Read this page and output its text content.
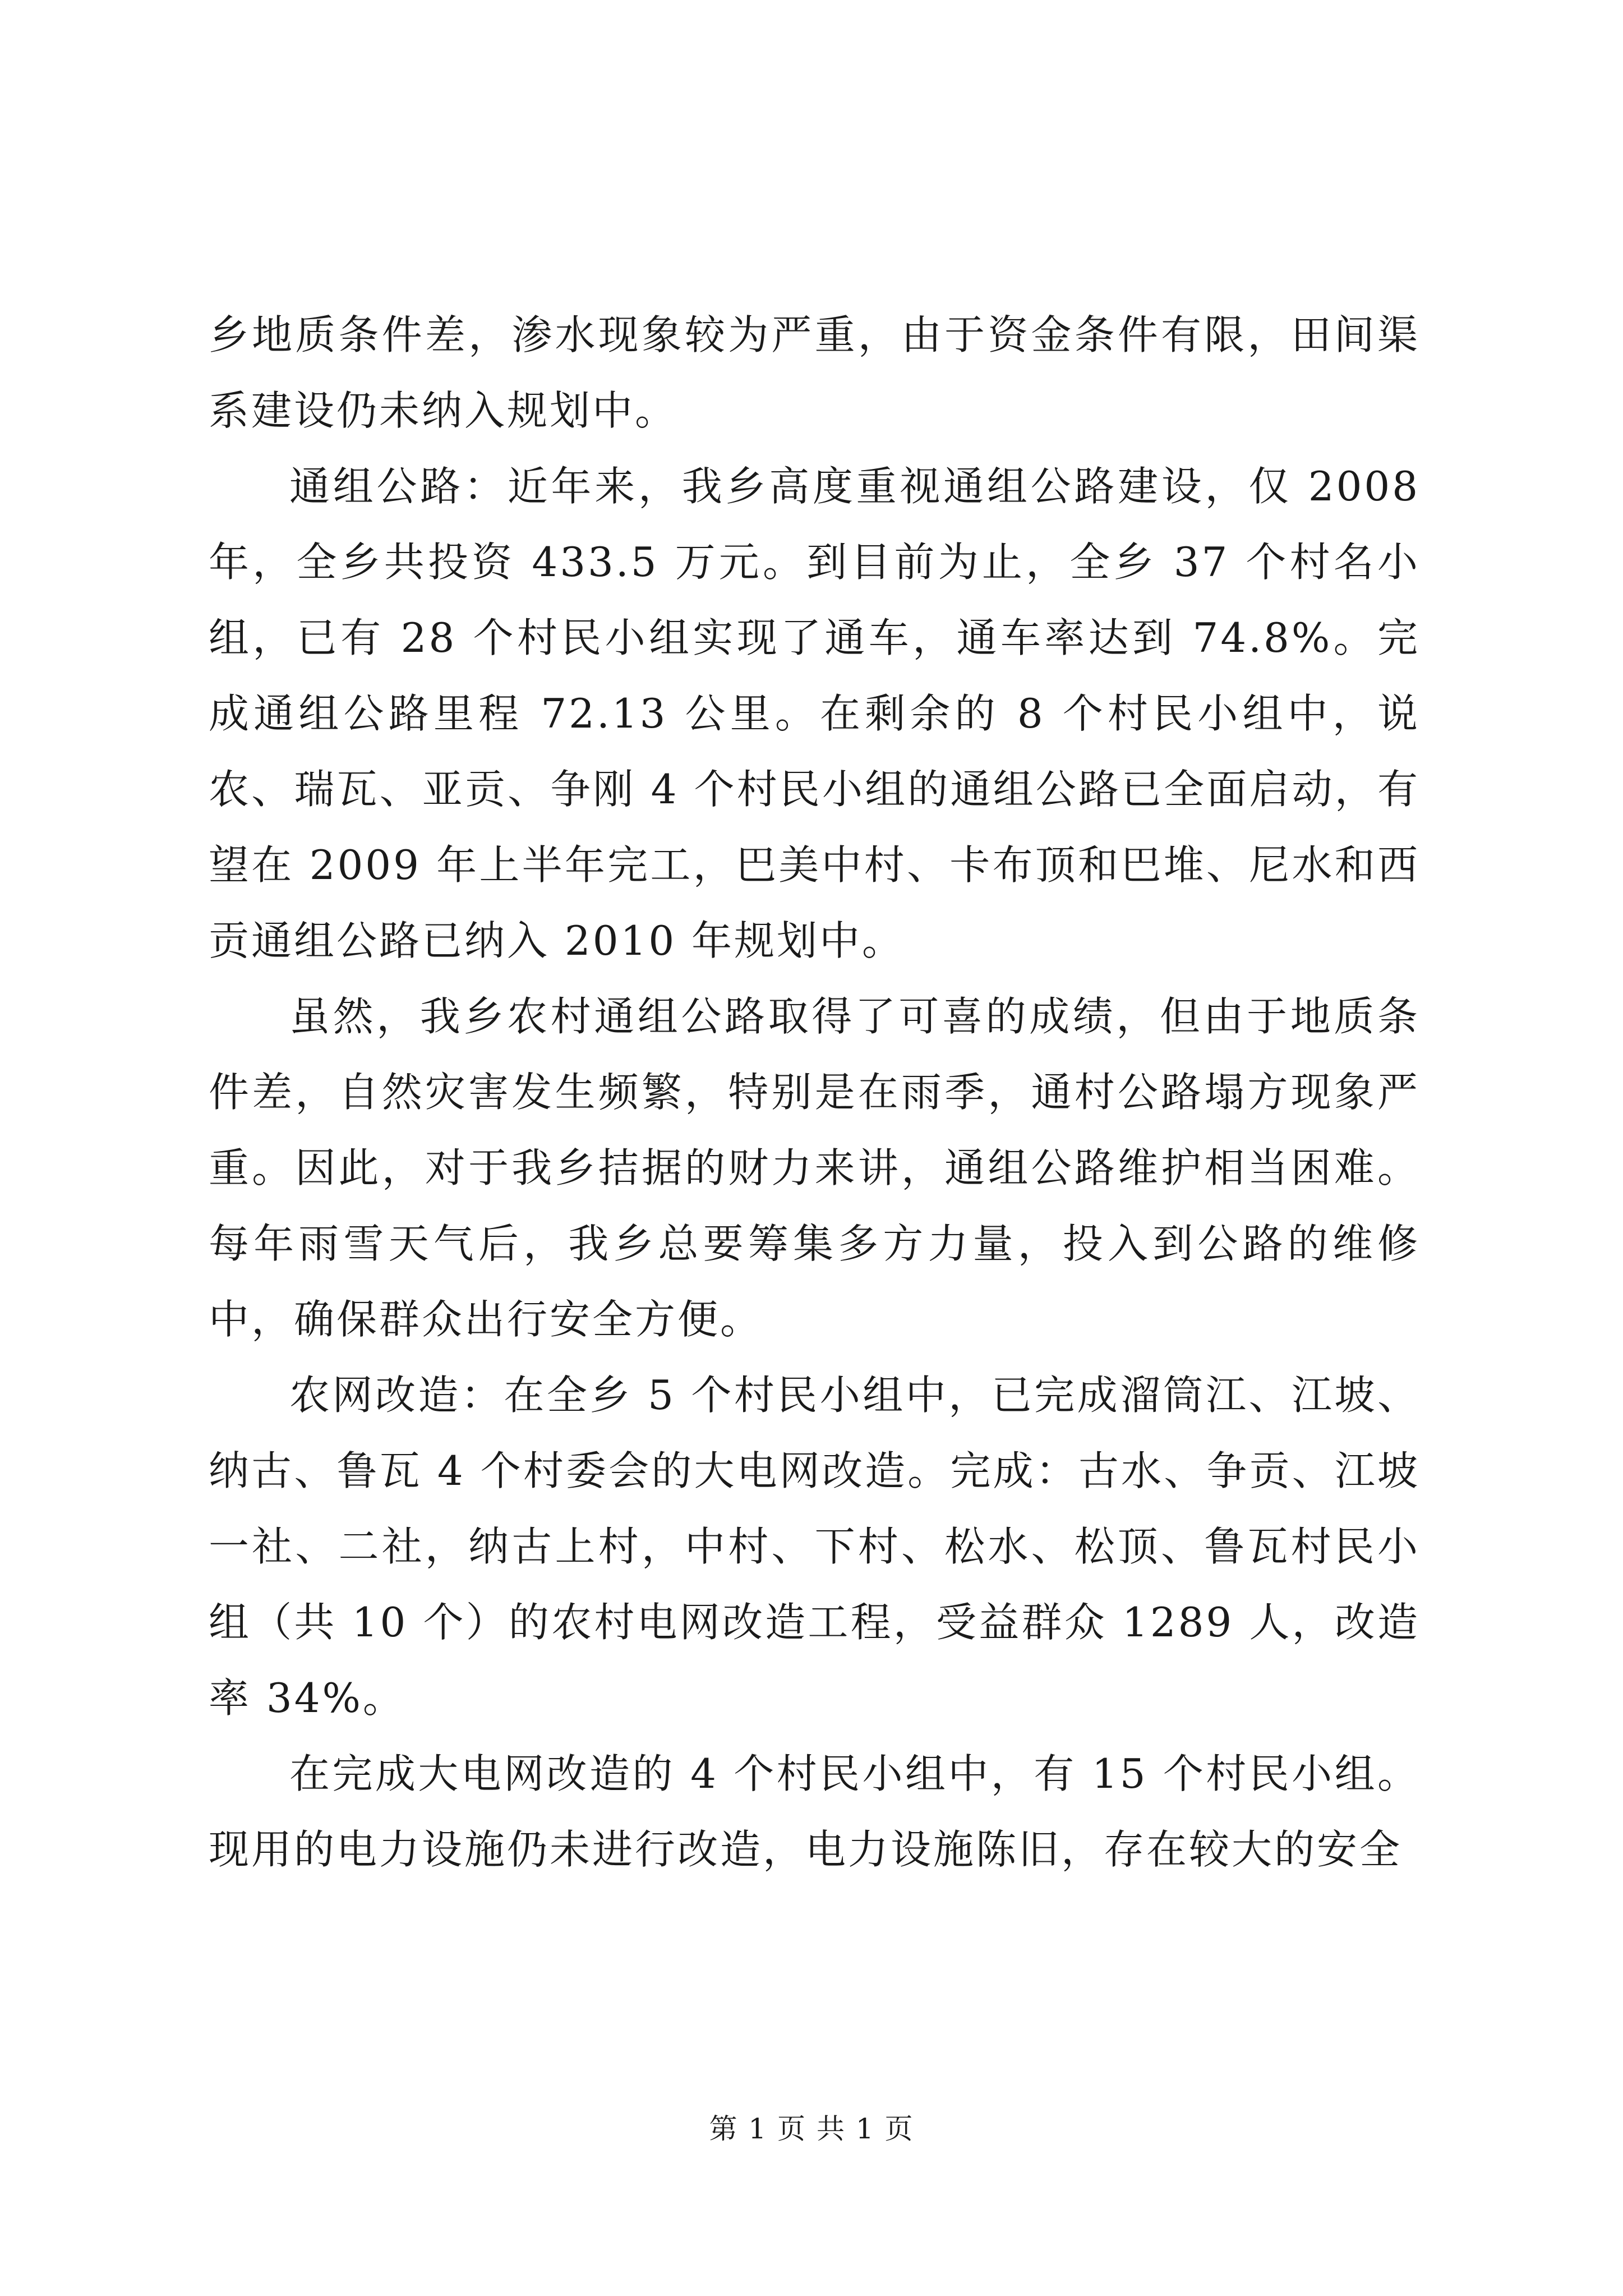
乡地质条件差，渗水现象较为严重，由于资金条件有限，田间渠系建设仍未纳入规划中。

通组公路：近年来，我乡高度重视通组公路建设，仅 2008 年，全乡共投资 433.5 万元。到目前为止，全乡 37 个村名小组，已有 28 个村民小组实现了通车，通车率达到 74.8%。完成通组公路里程 72.13 公里。在剩余的 8 个村民小组中，说农、瑞瓦、亚贡、争刚 4 个村民小组的通组公路已全面启动，有望在 2009 年上半年完工，巴美中村、卡布顶和巴堆、尼水和西贡通组公路已纳入 2010 年规划中。

虽然，我乡农村通组公路取得了可喜的成绩，但由于地质条件差，自然灾害发生频繁，特别是在雨季，通村公路塌方现象严重。因此，对于我乡拮据的财力来讲，通组公路维护相当困难。每年雨雪天气后，我乡总要筹集多方力量，投入到公路的维修中，确保群众出行安全方便。

农网改造：在全乡 5 个村民小组中，已完成溜筒江、江坡、纳古、鲁瓦 4 个村委会的大电网改造。完成：古水、争贡、江坡一社、二社，纳古上村，中村、下村、松水、松顶、鲁瓦村民小组（共 10 个）的农村电网改造工程，受益群众 1289 人，改造率 34%。

在完成大电网改造的 4 个村民小组中，有 15 个村民小组。现用的电力设施仍未进行改造，电力设施陈旧，存在较大的安全

第 1 页 共 1 页
